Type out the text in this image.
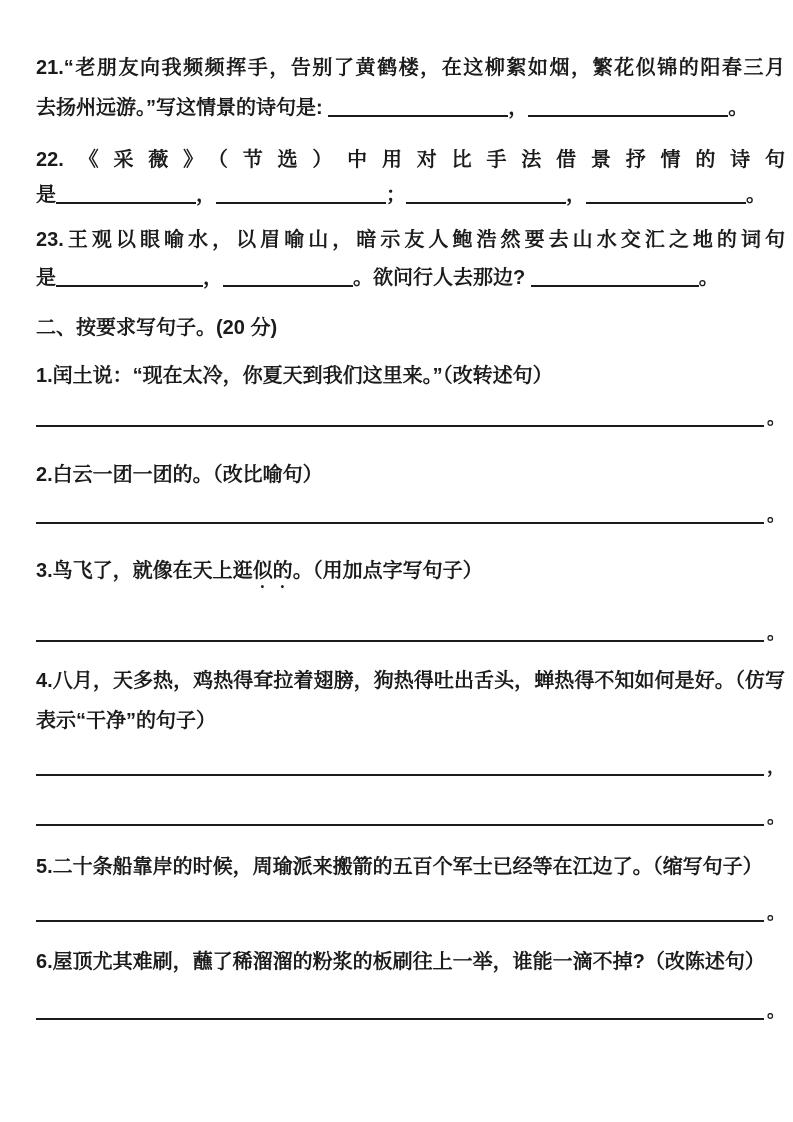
21.“老朋友向我频频挥手，告别了黄鹤楼，在这柳絮如烟，繁花似锦的阳春三月
去扬州远游。”写这情景的诗句是:	，	。
22.《采薇》（节选）中用对比手法借景抒情的诗句
是	，	；	，	。
23.王观以眼喻水，以眉喻山，暗示友人鲍浩然要去山水交汇之地的词句
是	，	。欲问行人去那边?	。
二、按要求写句子。(20 分)
1.闰土说：“现在太冷，你夏天到我们这里来。”（改转述句）
。
2.白云一团一团的。（改比喻句）
。
3.鸟飞了，就像在天上逛似的。（用加点字写句子）
。
4.八月，天多热，鸡热得耷拉着翅膀，狗热得吐出舌头，蝉热得不知如何是好。（仿写表示“干净”的句子）
，
。
5.二十条船靠岸的时候，周瑜派来搬箭的五百个军士已经等在江边了。（缩写句子）
。
6.屋顶尤其难刷，蘸了稀溜溜的粉浆的板刷往上一举，谁能一滴不掉?（改陈述句）
。
